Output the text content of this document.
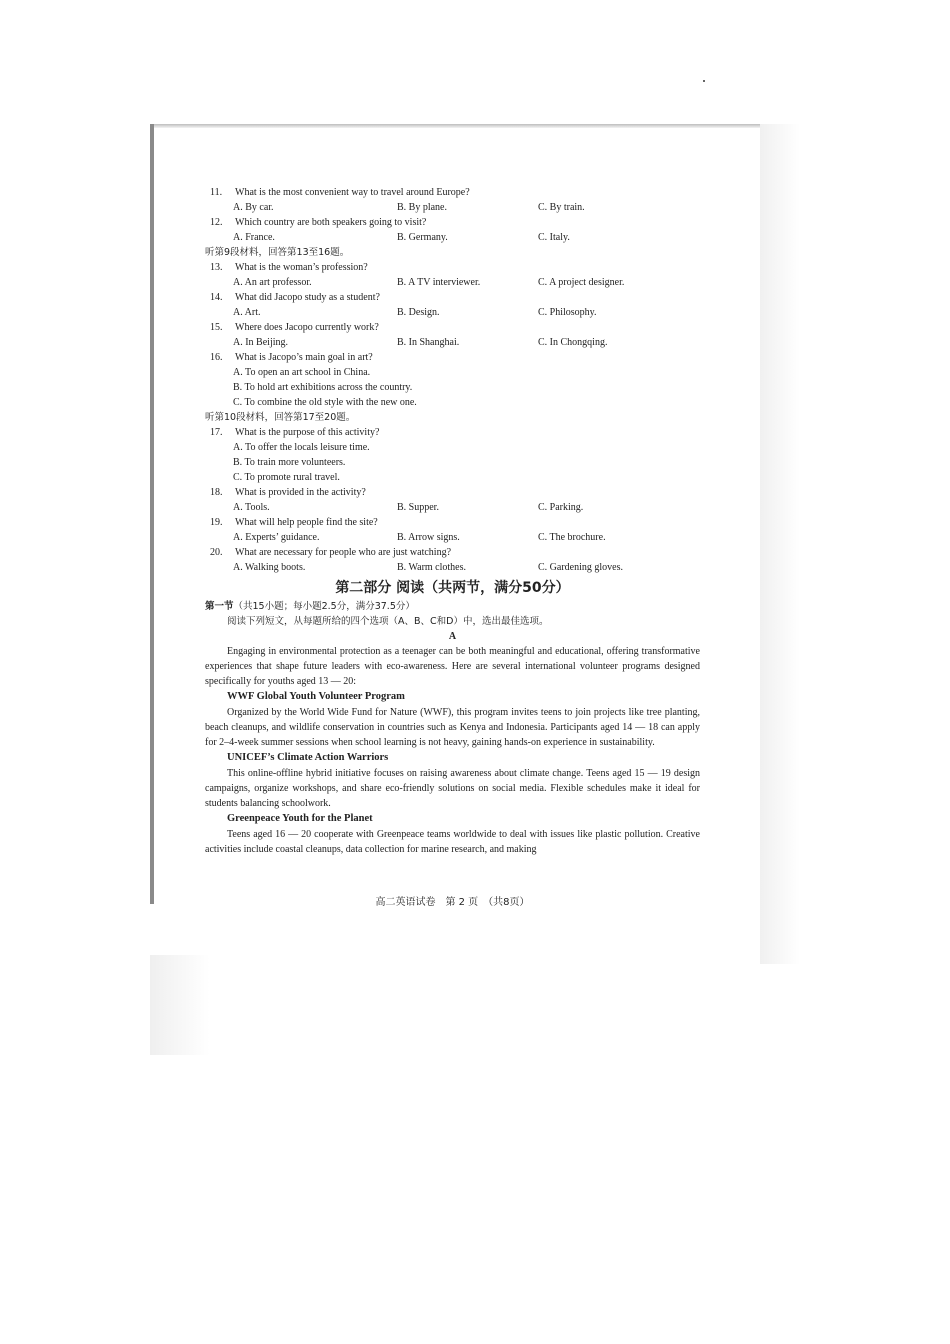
11. What is the most convenient way to travel around Europe?
A. By car.	B. By plane.	C. By train.
12. Which country are both speakers going to visit?
A. France.	B. Germany.	C. Italy.
听第9段材料，回答第13至16题。
13. What is the woman’s profession?
A. An art professor.	B. A TV interviewer.	C. A project designer.
14. What did Jacopo study as a student?
A. Art.	B. Design.	C. Philosophy.
15. Where does Jacopo currently work?
A. In Beijing.	B. In Shanghai.	C. In Chongqing.
16. What is Jacopo’s main goal in art?
A. To open an art school in China.
B. To hold art exhibitions across the country.
C. To combine the old style with the new one.
听第10段材料，回答第17至20题。
17. What is the purpose of this activity?
A. To offer the locals leisure time.
B. To train more volunteers.
C. To promote rural travel.
18. What is provided in the activity?
A. Tools.	B. Supper.	C. Parking.
19. What will help people find the site?
A. Experts’ guidance.	B. Arrow signs.	C. The brochure.
20. What are necessary for people who are just watching?
A. Walking boots.	B. Warm clothes.	C. Gardening gloves.
第二部分 阅读（共两节，满分50分）
第一节（共15小题；每小题2.5分，满分37.5分）
阅读下列短文，从每题所给的四个选项（A、B、C和D）中，选出最佳选项。
A

Engaging in environmental protection as a teenager can be both meaningful and educational, offering transformative experiences that shape future leaders with eco-awareness. Here are several international volunteer programs designed specifically for youths aged 13 — 20:

WWF Global Youth Volunteer Program

Organized by the World Wide Fund for Nature (WWF), this program invites teens to join projects like tree planting, beach cleanups, and wildlife conservation in countries such as Kenya and Indonesia. Participants aged 14 — 18 can apply for 2–4-week summer sessions when school learning is not heavy, gaining hands-on experience in sustainability.

UNICEF’s Climate Action Warriors

This online-offline hybrid initiative focuses on raising awareness about climate change. Teens aged 15 — 19 design campaigns, organize workshops, and share eco-friendly solutions on social media. Flexible schedules make it ideal for students balancing schoolwork.

Greenpeace Youth for the Planet

Teens aged 16 — 20 cooperate with Greenpeace teams worldwide to deal with issues like plastic pollution. Creative activities include coastal cleanups, data collection for marine research, and making

高二英语试卷　第 2 页　（共8页）
